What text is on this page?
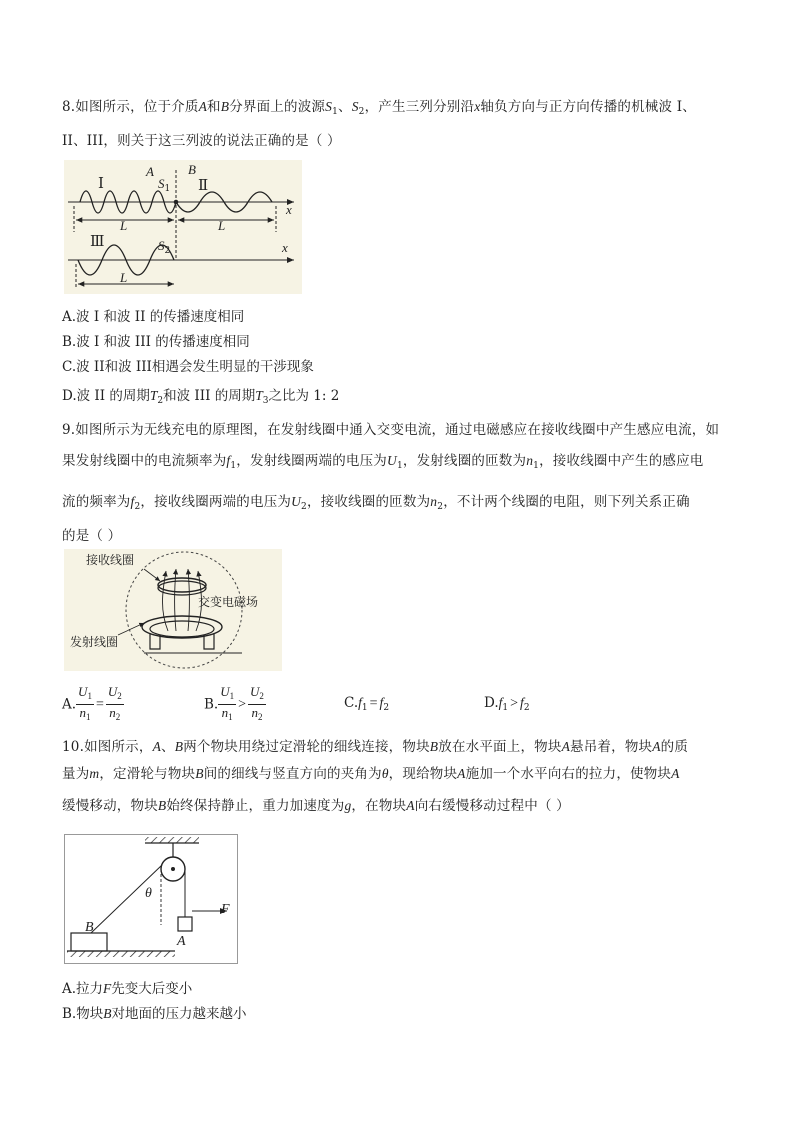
8.如图所示，位于介质A和B分界面上的波源$S_1$、$S_2$，产生三列分别沿x轴负方向与正方向传播的机械波 I、
II、III，则关于这三列波的说法正确的是（ ）
Ⅰ
A
$S_1$
B
Ⅱ
x
L	L
Ⅲ	$S_2$	x
L
A.波 I 和波 II 的传播速度相同
B.波 I 和波 III 的传播速度相同
C.波 II和波 III相遇会发生明显的干涉现象
D.波 II 的周期$T_2$和波 III 的周期$T_3$之比为 1: 2
9.如图所示为无线充电的原理图，在发射线圈中通入交变电流，通过电磁感应在接收线圈中产生感应电流，如
果发射线圈中的电流频率为$f_1$，发射线圈两端的电压为$U_1$，发射线圈的匝数为$n_1$，接收线圈中产生的感应电
流的频率为$f_2$，接收线圈两端的电压为$U_2$，接收线圈的匝数为$n_2$，不计两个线圈的电阻，则下列关系正确
的是（ ）
接收线圈
交变电磁场
发射线圈
A. $\frac{U_1}{n_1} = \frac{U_2}{n_2}$	B. $\frac{U_1}{n_1} > \frac{U_2}{n_2}$	$C.f_1 = f_2$	$D.f_1 > f_2$
10.如图所示，A、B两个物块用绕过定滑轮的细线连接，物块B放在水平面上，物块A悬吊着，物块A的质
量为m，定滑轮与物块B间的细线与竖直方向的夹角为θ，现给物块A施加一个水平向右的拉力，使物块A
缓慢移动，物块B始终保持静止，重力加速度为g，在物块A向右缓慢移动过程中（ ）
θ
F
A
B
A.拉力F先变大后变小
B.物块B对地面的压力越来越小
